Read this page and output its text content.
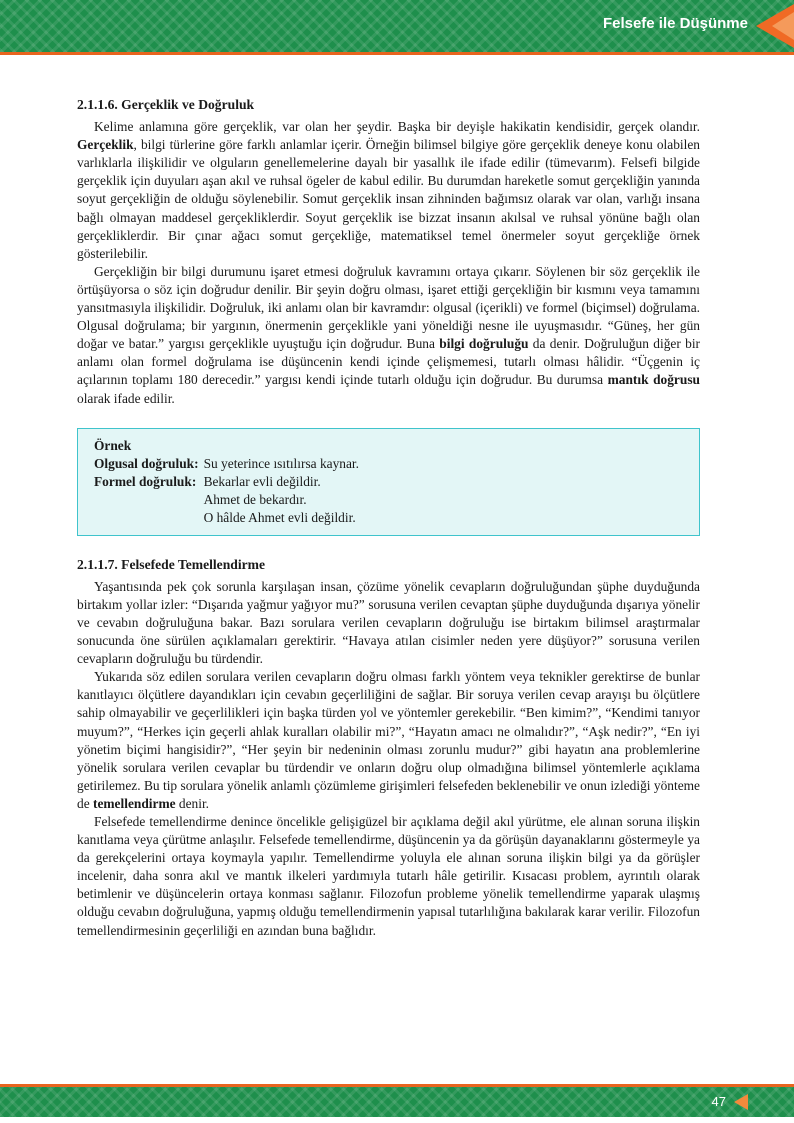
Felsefe ile Düşünme
2.1.1.6. Gerçeklik ve Doğruluk

Kelime anlamına göre gerçeklik, var olan her şeydir. Başka bir deyişle hakikatin kendisidir, gerçek olandır. Gerçeklik, bilgi türlerine göre farklı anlamlar içerir. Örneğin bilimsel bilgiye göre gerçeklik deneye konu olabilen varlıklarla ilişkilidir ve olguların genellemelerine dayalı bir yasallık ile ifade edilir (tümevarım). Felsefi bilgide gerçeklik için duyuları aşan akıl ve ruhsal ögeler de kabul edilir. Bu durumdan hareketle somut gerçekliğin yanında soyut gerçekliğin de olduğu söylenebilir. Somut gerçeklik insan zihninden bağımsız olarak var olan, varlığı insana bağlı olmayan maddesel gerçekliklerdir. Soyut gerçeklik ise bizzat insanın akılsal ve ruhsal yönüne bağlı olan gerçekliklerdir. Bir çınar ağacı somut gerçekliğe, matematiksel temel önermeler soyut gerçekliğe örnek gösterilebilir.

Gerçekliğin bir bilgi durumunu işaret etmesi doğruluk kavramını ortaya çıkarır. Söylenen bir söz gerçeklik ile örtüşüyorsa o söz için doğrudur denilir. Bir şeyin doğru olması, işaret ettiği gerçekliğin bir kısmını veya tamamını yansıtmasıyla ilişkilidir. Doğruluk, iki anlamı olan bir kavramdır: olgusal (içerikli) ve formel (biçimsel) doğrulama. Olgusal doğrulama; bir yargının, önermenin gerçeklikle yani yöneldiği nesne ile uyuşmasıdır. “Güneş, her gün doğar ve batar.” yargısı gerçeklikle uyuştuğu için doğrudur. Buna bilgi doğruluğu da denir. Doğruluğun diğer bir anlamı olan formel doğrulama ise düşüncenin kendi içinde çelişmemesi, tutarlı olması hâlidir. “Üçgenin iç açılarının toplamı 180 derecedir.” yargısı kendi içinde tutarlı olduğu için doğrudur. Bu durumsa mantık doğrusu olarak ifade edilir.

Örnek
Olgusal doğruluk:	Su yeterince ısıtılırsa kaynar.
Formel doğruluk:	Bekarlar evli değildir.
Ahmet de bekardır.
O hâlde Ahmet evli değildir.
2.1.1.7. Felsefede Temellendirme

Yaşantısında pek çok sorunla karşılaşan insan, çözüme yönelik cevapların doğruluğundan şüphe duyduğunda birtakım yollar izler: “Dışarıda yağmur yağıyor mu?” sorusuna verilen cevaptan şüphe duyduğunda dışarıya yönelir ve cevabın doğruluğuna bakar. Bazı sorulara verilen cevapların doğruluğu ise birtakım bilimsel araştırmalar sonucunda öne sürülen açıklamaları gerektirir. “Havaya atılan cisimler neden yere düşüyor?” sorusuna verilen cevapların doğruluğu bu türdendir.

Yukarıda söz edilen sorulara verilen cevapların doğru olması farklı yöntem veya teknikler gerektirse de bunlar kanıtlayıcı ölçütlere dayandıkları için cevabın geçerliliğini de sağlar. Bir soruya verilen cevap arayışı bu ölçütlere sahip olmayabilir ve geçerlilikleri için başka türden yol ve yöntemler gerekebilir. “Ben kimim?”, “Kendimi tanıyor muyum?”, “Herkes için geçerli ahlak kuralları olabilir mi?”, “Hayatın amacı ne olmalıdır?”, “Aşk nedir?”, “En iyi yönetim biçimi hangisidir?”, “Her şeyin bir nedeninin olması zorunlu mudur?” gibi hayatın ana problemlerine yönelik sorulara verilen cevaplar bu türdendir ve onların doğru olup olmadığına bilimsel yöntemlerle açıklama getirilemez. Bu tip sorulara yönelik anlamlı çözümleme girişimleri felsefeden beklenebilir ve onun izlediği yönteme de temellendirme denir.

Felsefede temellendirme denince öncelikle gelişigüzel bir açıklama değil akıl yürütme, ele alınan soruna ilişkin kanıtlama veya çürütme anlaşılır. Felsefede temellendirme, düşüncenin ya da görüşün dayanaklarını göstermeyle ya da gerekçelerini ortaya koymayla yapılır. Temellendirme yoluyla ele alınan soruna ilişkin bilgi ya da görüşler incelenir, daha sonra akıl ve mantık ilkeleri yardımıyla tutarlı hâle getirilir. Kısacası problem, ayrıntılı olarak betimlenir ve düşüncelerin ortaya konması sağlanır. Filozofun probleme yönelik temellendirme yaparak ulaşmış olduğu cevabın doğruluğuna, yapmış olduğu temellendirmenin yapısal tutarlılığına bakılarak karar verilir. Filozofun temellendirmesinin geçerliliği en azından buna bağlıdır.

47
